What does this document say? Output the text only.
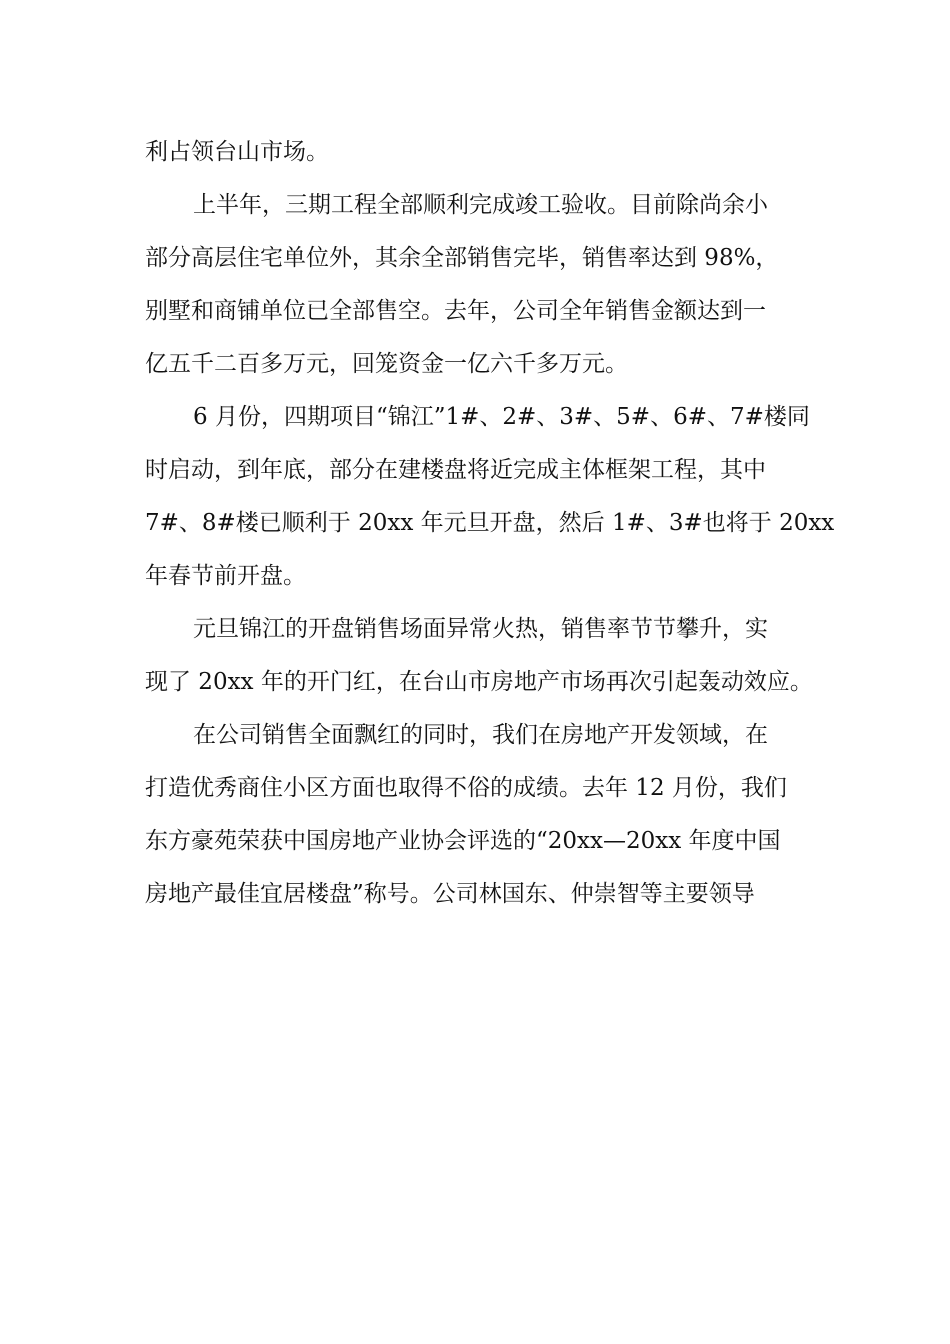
利占领台山市场。
上半年，三期工程全部顺利完成竣工验收。目前除尚余小
部分高层住宅单位外，其余全部销售完毕，销售率达到 98%，
别墅和商铺单位已全部售空。去年，公司全年销售金额达到一
亿五千二百多万元，回笼资金一亿六千多万元。
6 月份，四期项目“锦江”1#、2#、3#、5#、6#、7#楼同
时启动，到年底，部分在建楼盘将近完成主体框架工程，其中
7#、8#楼已顺利于 20xx 年元旦开盘，然后 1#、3#也将于 20xx
年春节前开盘。
元旦锦江的开盘销售场面异常火热，销售率节节攀升，实
现了 20xx 年的开门红，在台山市房地产市场再次引起轰动效应。
在公司销售全面飘红的同时，我们在房地产开发领域，在
打造优秀商住小区方面也取得不俗的成绩。去年 12 月份，我们
东方豪苑荣获中国房地产业协会评选的“20xx—20xx 年度中国
房地产最佳宜居楼盘”称号。公司林国东、仲崇智等主要领导
